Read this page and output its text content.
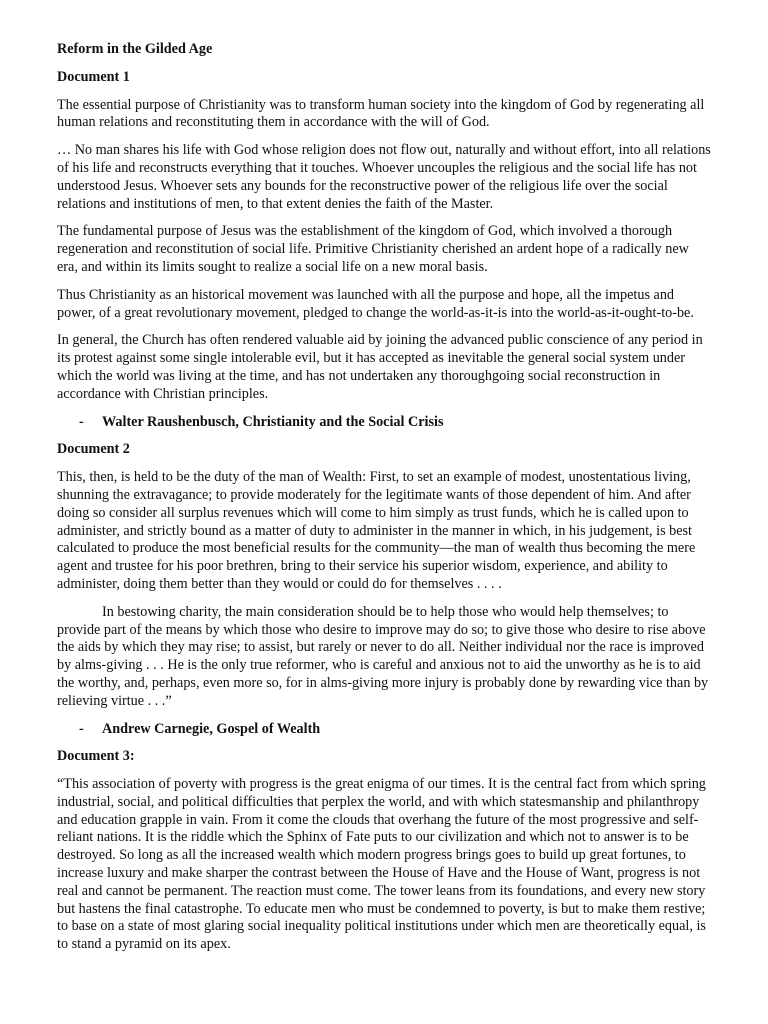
Reform in the Gilded Age

Document 1

The essential purpose of Christianity was to transform human society into the kingdom of God by regenerating all human relations and reconstituting them in accordance with the will of God.

… No man shares his life with God whose religion does not flow out, naturally and without effort, into all relations of his life and reconstructs everything that it touches. Whoever uncouples the religious and the social life has not understood Jesus. Whoever sets any bounds for the reconstructive power of the religious life over the social relations and institutions of men, to that extent denies the faith of the Master.

The fundamental purpose of Jesus was the establishment of the kingdom of God, which involved a thorough regeneration and reconstitution of social life. Primitive Christianity cherished an ardent hope of a radically new era, and within its limits sought to realize a social life on a new moral basis.

Thus Christianity as an historical movement was launched with all the purpose and hope, all the impetus and power, of a great revolutionary movement, pledged to change the world-as-it-is into the world-as-it-ought-to-be.

In general, the Church has often rendered valuable aid by joining the advanced public conscience of any period in its protest against some single intolerable evil, but it has accepted as inevitable the general social system under which the world was living at the time, and has not undertaken any thoroughgoing social reconstruction in accordance with Christian principles.

-	Walter Raushenbusch, Christianity and the Social Crisis

Document 2

This, then, is held to be the duty of the man of Wealth: First, to set an example of modest, unostentatious living, shunning the extravagance; to provide moderately for the legitimate wants of those dependent of him. And after doing so consider all surplus revenues which will come to him simply as trust funds, which he is called upon to administer, and strictly bound as a matter of duty to administer in the manner in which, in his judgement, is best calculated to produce the most beneficial results for the community—the man of wealth thus becoming the mere agent and trustee for his poor brethren, bring to their service his superior wisdom, experience, and ability to administer, doing them better than they would or could do for themselves . . . .

In bestowing charity, the main consideration should be to help those who would help themselves; to provide part of the means by which those who desire to improve may do so; to give those who desire to rise above the aids by which they may rise; to assist, but rarely or never to do all. Neither individual nor the race is improved by alms-giving . . . He is the only true reformer, who is careful and anxious not to aid the unworthy as he is to aid the worthy, and, perhaps, even more so, for in alms-giving more injury is probably done by rewarding vice than by relieving virtue . . .”

-	Andrew Carnegie, Gospel of Wealth

Document 3:

“This association of poverty with progress is the great enigma of our times. It is the central fact from which spring industrial, social, and political difficulties that perplex the world, and with which statesmanship and philanthropy and education grapple in vain. From it come the clouds that overhang the future of the most progressive and self-reliant nations. It is the riddle which the Sphinx of Fate puts to our civilization and which not to answer is to be destroyed. So long as all the increased wealth which modern progress brings goes to build up great fortunes, to increase luxury and make sharper the contrast between the House of Have and the House of Want, progress is not real and cannot be permanent. The reaction must come. The tower leans from its foundations, and every new story but hastens the final catastrophe. To educate men who must be condemned to poverty, is but to make them restive; to base on a state of most glaring social inequality political institutions under which men are theoretically equal, is to stand a pyramid on its apex.
